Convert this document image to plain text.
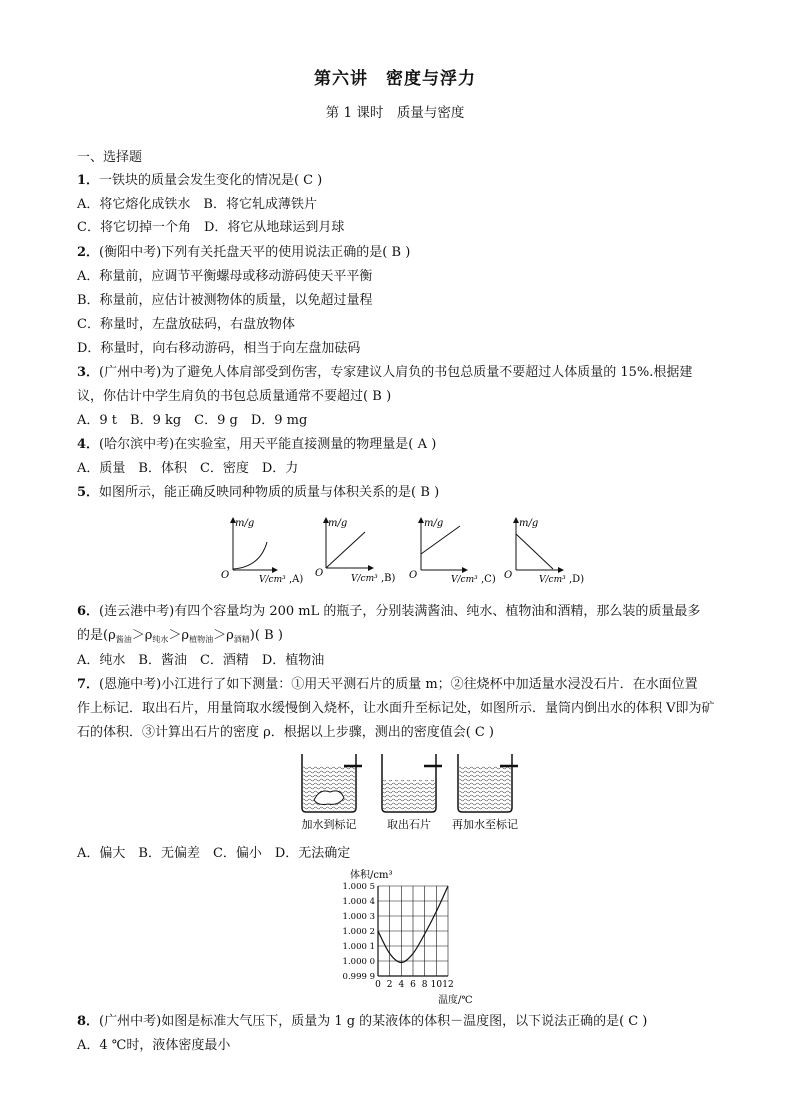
第六讲　密度与浮力
第 1 课时　质量与密度
一、选择题
1．一铁块的质量会发生变化的情况是( C )
A．将它熔化成铁水　B．将它轧成薄铁片
C．将它切掉一个角　D．将它从地球运到月球
2．(衡阳中考)下列有关托盘天平的使用说法正确的是( B )
A．称量前，应调节平衡螺母或移动游码使天平平衡
B．称量前，应估计被测物体的质量，以免超过量程
C．称量时，左盘放砝码，右盘放物体
D．称量时，向右移动游码，相当于向左盘加砝码
3．(广州中考)为了避免人体肩部受到伤害，专家建议人肩负的书包总质量不要超过人体质量的 15%.根据建
议，你估计中学生肩负的书包总质量通常不要超过( B )
A．9 t　B．9 kg　C．9 g　D．9 mg
4．(哈尔滨中考)在实验室，用天平能直接测量的物理量是( A )
A．质量　B．体积　C．密度　D．力
5．如图所示，能正确反映同种物质的质量与体积关系的是( B )
m/g
O	V/cm³ ,A)
m/g
O	V/cm³ ,B)
m/g
O	V/cm³ ,C)
m/g
O	V/cm³ ,D)
6．(连云港中考)有四个容量均为 200 mL 的瓶子，分别装满酱油、纯水、植物油和酒精，那么装的质量最多
的是$(\rho_{酱油}>\rho_{纯水}>\rho_{植物油}>\rho_{酒精})$( B )
A．纯水　B．酱油　C．酒精　D．植物油
7．(恩施中考)小江进行了如下测量：①用天平测石片的质量 m；②往烧杯中加适量水浸没石片．在水面位置
作上标记．取出石片，用量筒取水缓慢倒入烧杯，让水面升至标记处，如图所示．量筒内倒出水的体积 V即为矿
石的体积．③计算出石片的密度 ρ．根据以上步骤，测出的密度值会( C )
加水到标记	取出石片 再加水至标记
A．偏大　B．无偏差　C．偏小　D．无法确定
体积/cm³
温度/℃
1.000 5
1.000 4
1.000 3
1.000 2
1.000 1
1.000 0
0.999 9
0 2 4 6 8 10 12
8．(广州中考)如图是标准大气压下，质量为 1 g 的某液体的体积－温度图，以下说法正确的是( C )
A．4 ℃时，液体密度最小
